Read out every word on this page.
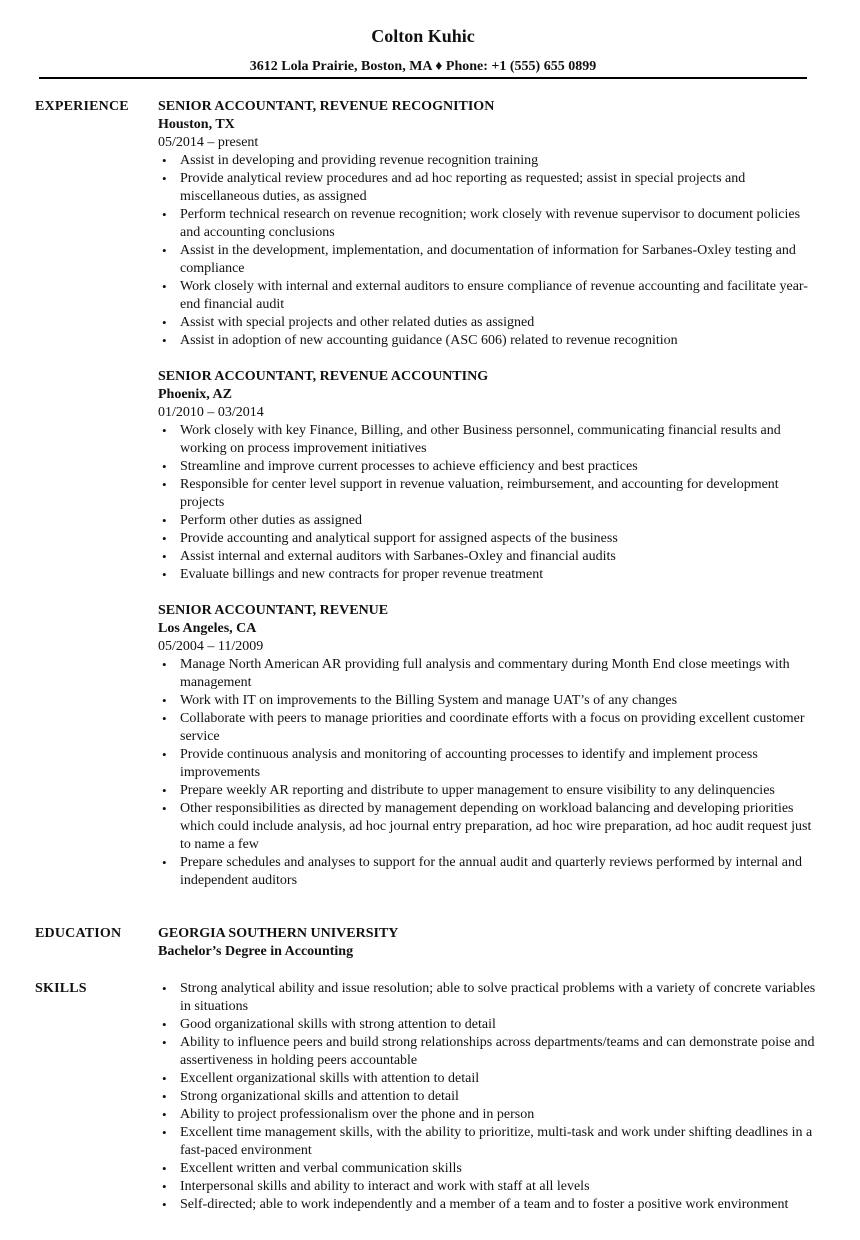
Colton Kuhic
3612 Lola Prairie, Boston, MA ♦ Phone: +1 (555) 655 0899
EXPERIENCE SENIOR ACCOUNTANT, REVENUE RECOGNITION
Houston, TX
05/2014 – present
• Assist in developing and providing revenue recognition training
• Provide analytical review procedures and ad hoc reporting as requested; assist in special projects and miscellaneous duties, as assigned
• Perform technical research on revenue recognition; work closely with revenue supervisor to document policies and accounting conclusions
• Assist in the development, implementation, and documentation of information for Sarbanes-Oxley testing and compliance
• Work closely with internal and external auditors to ensure compliance of revenue accounting and facilitate year-end financial audit
• Assist with special projects and other related duties as assigned
• Assist in adoption of new accounting guidance (ASC 606) related to revenue recognition
SENIOR ACCOUNTANT, REVENUE ACCOUNTING
Phoenix, AZ
01/2010 – 03/2014
• Work closely with key Finance, Billing, and other Business personnel, communicating financial results and working on process improvement initiatives
• Streamline and improve current processes to achieve efficiency and best practices
• Responsible for center level support in revenue valuation, reimbursement, and accounting for development projects
• Perform other duties as assigned
• Provide accounting and analytical support for assigned aspects of the business
• Assist internal and external auditors with Sarbanes-Oxley and financial audits
• Evaluate billings and new contracts for proper revenue treatment
SENIOR ACCOUNTANT, REVENUE
Los Angeles, CA
05/2004 – 11/2009
• Manage North American AR providing full analysis and commentary during Month End close meetings with management
• Work with IT on improvements to the Billing System and manage UAT’s of any changes
• Collaborate with peers to manage priorities and coordinate efforts with a focus on providing excellent customer service
• Provide continuous analysis and monitoring of accounting processes to identify and implement process improvements
• Prepare weekly AR reporting and distribute to upper management to ensure visibility to any delinquencies
• Other responsibilities as directed by management depending on workload balancing and developing priorities which could include analysis, ad hoc journal entry preparation, ad hoc wire preparation, ad hoc audit request just to name a few
• Prepare schedules and analyses to support for the annual audit and quarterly reviews performed by internal and independent auditors
EDUCATION	GEORGIA SOUTHERN UNIVERSITY
Bachelor’s Degree in Accounting
SKILLS	• Strong analytical ability and issue resolution; able to solve practical problems with a variety of concrete variables in situations
• Good organizational skills with strong attention to detail
• Ability to influence peers and build strong relationships across departments/teams and can demonstrate poise and assertiveness in holding peers accountable
• Excellent organizational skills with attention to detail
• Strong organizational skills and attention to detail
• Ability to project professionalism over the phone and in person
• Excellent time management skills, with the ability to prioritize, multi-task and work under shifting deadlines in a fast-paced environment
• Excellent written and verbal communication skills
• Interpersonal skills and ability to interact and work with staff at all levels
• Self-directed; able to work independently and a member of a team and to foster a positive work environment
